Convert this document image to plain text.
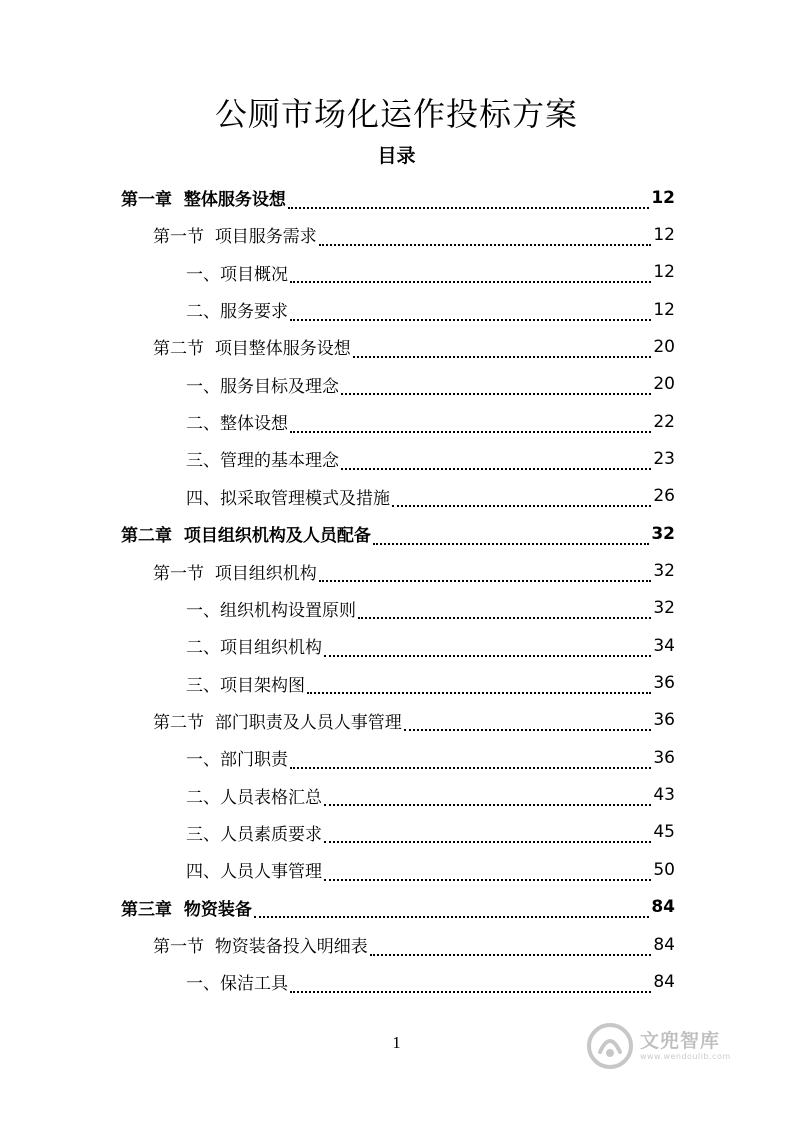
公厕市场化运作投标方案
目录
第一章 整体服务设想	12
第一节 项目服务需求	12
一、 项目概况	12
二、 服务要求	12
第二节 项目整体服务设想	20
一、 服务目标及理念	20
二、 整体设想	22
三、 管理的基本理念	23
四、 拟采取管理模式及措施	26
第二章 项目组织机构及人员配备	32
第一节 项目组织机构	32
一、 组织机构设置原则	32
二、 项目组织机构	34
三、 项目架构图	36
第二节 部门职责及人员人事管理	36
一、 部门职责	36
二、 人员表格汇总	43
三、 人员素质要求	45
四、 人员人事管理	50
第三章 物资装备	84
第一节 物资装备投入明细表	84
一、 保洁工具	84
1	文兜智库
www.wendoulib.com
